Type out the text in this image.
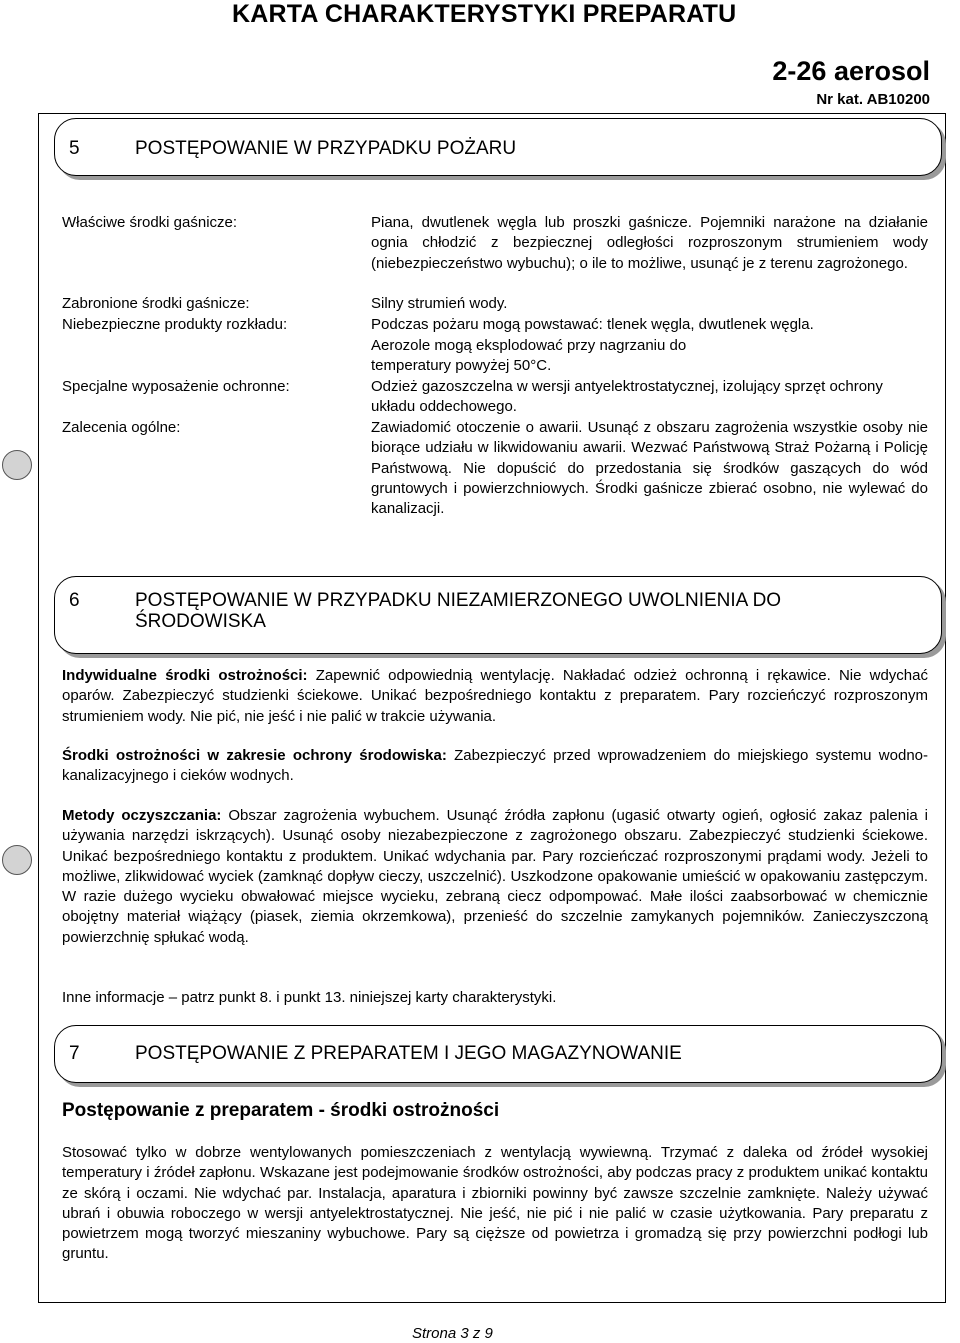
KARTA CHARAKTERYSTYKI PREPARATU
2-26 aerosol
Nr kat. AB10200
5	POSTĘPOWANIE W PRZYPADKU POŻARU
Właściwe środki gaśnicze:	Piana, dwutlenek węgla lub proszki gaśnicze. Pojemniki narażone na działanie ognia chłodzić z bezpiecznej odległości rozproszonym strumieniem wody (niebezpieczeństwo wybuchu); o ile to możliwe, usunąć je z terenu zagrożonego.
Zabronione środki gaśnicze:	Silny strumień wody.
Niebezpieczne produkty rozkładu:	Podczas pożaru mogą powstawać: tlenek węgla, dwutlenek węgla.
Aerozole mogą eksplodować przy nagrzaniu do temperatury powyżej 50°C.
Specjalne wyposażenie ochronne:	Odzież gazoszczelna w wersji antyelektrostatycznej, izolujący sprzęt ochrony układu oddechowego.
Zalecenia ogólne:	Zawiadomić otoczenie o awarii. Usunąć z obszaru zagrożenia wszystkie osoby nie biorące udziału w likwidowaniu awarii. Wezwać Państwową Straż Pożarną i Policję Państwową. Nie dopuścić do przedostania się środków gaszących do wód gruntowych i powierzchniowych. Środki gaśnicze zbierać osobno, nie wylewać do kanalizacji.
6	POSTĘPOWANIE W PRZYPADKU NIEZAMIERZONEGO UWOLNIENIA DO
ŚRODOWISKA
Indywidualne środki ostrożności: Zapewnić odpowiednią wentylację. Nakładać odzież ochronną i rękawice. Nie wdychać oparów. Zabezpieczyć studzienki ściekowe. Unikać bezpośredniego kontaktu z preparatem. Pary rozcieńczyć rozproszonym strumieniem wody. Nie pić, nie jeść i nie palić w trakcie używania.
Środki ostrożności w zakresie ochrony środowiska: Zabezpieczyć przed wprowadzeniem do miejskiego systemu wodno-kanalizacyjnego i cieków wodnych.
Metody oczyszczania: Obszar zagrożenia wybuchem. Usunąć źródła zapłonu (ugasić otwarty ogień, ogłosić zakaz palenia i używania narzędzi iskrzących). Usunąć osoby niezabezpieczone z zagrożonego obszaru. Zabezpieczyć studzienki ściekowe. Unikać bezpośredniego kontaktu z produktem. Unikać wdychania par. Pary rozcieńczać rozproszonymi prądami wody. Jeżeli to możliwe, zlikwidować wyciek (zamknąć dopływ cieczy, uszczelnić). Uszkodzone opakowanie umieścić w opakowaniu zastępczym. W razie dużego wycieku obwałować miejsce wycieku, zebraną ciecz odpompować. Małe ilości zaabsorbować w chemicznie obojętny materiał wiążący (piasek, ziemia okrzemkowa), przenieść do szczelnie zamykanych pojemników. Zanieczyszczoną powierzchnię spłukać wodą.
Inne informacje – patrz punkt 8. i punkt 13. niniejszej karty charakterystyki.
7	POSTĘPOWANIE Z PREPARATEM I JEGO MAGAZYNOWANIE
Postępowanie z preparatem - środki ostrożności
Stosować tylko w dobrze wentylowanych pomieszczeniach z wentylacją wywiewną. Trzymać z daleka od źródeł wysokiej temperatury i źródeł zapłonu. Wskazane jest podejmowanie środków ostrożności, aby podczas pracy z produktem unikać kontaktu ze skórą i oczami. Nie wdychać par. Instalacja, aparatura i zbiorniki powinny być zawsze szczelnie zamknięte. Należy używać ubrań i obuwia roboczego w wersji antyelektrostatycznej. Nie jeść, nie pić i nie palić w czasie użytkowania. Pary preparatu z powietrzem mogą tworzyć mieszaniny wybuchowe. Pary są cięższe od powietrza i gromadzą się przy powierzchni podłogi lub gruntu.
Strona 3 z 9
